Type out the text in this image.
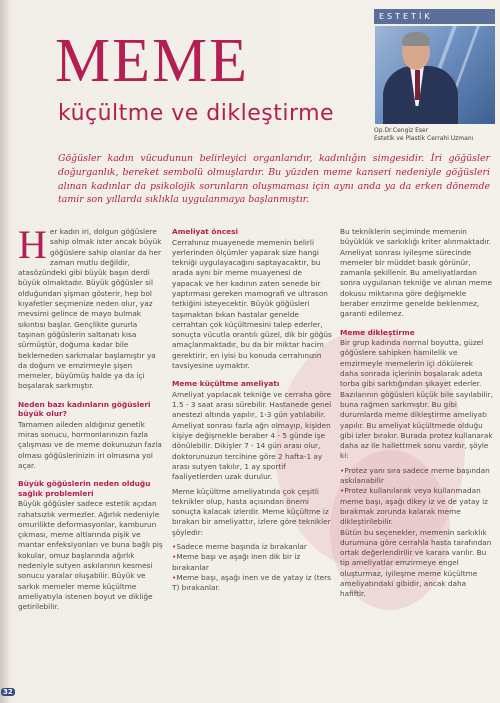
32
ESTETİK
Op.Dr.Cengiz Eser
Estetik ve Plastik Cerrahi Uzmanı
MEME
küçültme ve dikleştirme
Göğüsler kadın vücudunun belirleyici organlarıdır, kadınlığın simgesidir. İri göğüsler doğurganlık, bereket sembolü olmuşlardır. Bu yüzden meme kanseri nedeniyle göğüsleri alınan kadınlar da psikolojik sorunların oluşmaması için aynı anda ya da erken dönemde tamir son yıllarda sıklıkla uygulanmaya başlanmıştır.

Her kadın iri, dolgun göğüslere sahip olmak ister ancak büyük göğüslere sahip olanlar da her zaman mutlu değildir, atasözündeki gibi büyük başın derdi büyük olmaktadır. Büyük göğüsler sil olduğundan şişman gösterir, hep bol kıyafetler seçmenize neden olur, yaz mevsimi gelince de mayo bulmak sıkıntısı başlar. Gençlikte gururla taşınan göğüslerin saltanatı kısa sürmüştür, doğuma kadar bile beklemeden sarkmalar başlamıştır ya da doğum ve emzirmeyle şişen memeler, büyümüş halde ya da içi boşalarak sarkmıştır.

Neden bazı kadınların göğüsleri büyük olur?

Tamamen aileden aldığınız genetik miras sonucu, hormonlarınızın fazla çalışması ve de meme dokunuzun fazla olması göğüslerinizin iri olmasına yol açar.

Büyük göğüslerin neden olduğu sağlık problemleri

Büyük göğüsler sadece estetik açıdan rahatsızlık vermezler. Ağırlık nedeniyle omurilikte deformasyonlar, kamburun çıkması, meme altlarında pişik ve mantar enfeksiyonları ve buna bağlı piş kokular, omuz başlarında ağırlık nedeniyle sutyen askılarının kesmesi sonucu yaralar oluşabilir. Büyük ve sarkık memeler meme küçültme ameliyatıyla istenen boyut ve dikliğe getirilebilir.

Ameliyat öncesi

Cerrahınız muayenede memenin belirli yerlerinden ölçümler yaparak size hangi tekniği uygulayacağını saptayacaktır, bu arada aynı bir meme muayenesi de yapacak ve her kadının zaten senede bir yaptırması gereken mamografi ve ultrason tetkiğini isteyecektir. Büyük göğüsleri taşımaktan bıkan hastalar genelde cerrahtan çok küçültmesini talep ederler, sonuçta vücutla orantılı güzel, dik bir göğüs amaçlanmaktadır, bu da bir miktar hacim gerektirir, en iyisi bu konuda cerrahınızın tavsiyesine uymaktır.

Meme küçültme ameliyatı

Ameliyat yapılacak tekniğe ve cerraha göre 1.5 - 3 saat arası sürebilir. Hastanede genel anestezi altında yapılır, 1-3 gün yatılabilir. Ameliyat sonrası fazla ağrı olmayıp, kişiden kişiye değişmekle beraber 4 - 5 günde işe dönülebilir. Dikişler 7 - 14 gün arası olur, doktorunuzun tercihine göre 2 hafta-1 ay arası sutyen takılır, 1 ay sportif faaliyetlerden uzak durulur.

Meme küçültme ameliyatında çok çeşitli teknikler olup, hasta açısından önemi sonuçta kalacak izlerdir. Meme küçültme iz bırakan bir ameliyattır, izlere göre teknikler şöyledir:

• Sadece meme başında iz bırakanlar
• Meme başı ve aşağı inen dik bir iz bırakanlar
• Meme başı, aşağı inen ve de yatay iz (ters T) bırakanlar.

Bu tekniklerin seçiminde memenin büyüklük ve sarkıklığı kriter alınmaktadır. Ameliyat sonrası iyileşme sürecinde memeler bir müddet basık görünür, zamanla şekillenir. Bu ameliyatlardan sonra uygulanan tekniğe ve alınan meme dokusu miktarına göre değişmekle beraber emzirme genelde beklenmez, garanti edilemez.

Meme dikleştirme

Bir grup kadında normal boyutta, güzel göğüslere sahipken hamilelik ve emzirmeyle memelerin içi dökülerek daha sonrada içlerinin boşalarak adeta torba gibi sarktığından şikayet ederler. Bazılarının göğüsleri küçük bile sayılabilir, buna rağmen sarkmıştır. Bu gibi durumlarda meme dikleştirme ameliyatı yapılır. Bu ameliyat küçültmede olduğu gibi izler bırakır. Burada protez kullanarak daha az ile hallettmek sonu vardır, şöyle ki:

• Protez yanı sıra sadece meme başından askılanabilir
• Protez kullanılarak veya kullanmadan meme başı, aşağı dikey iz ve de yatay iz bırakmak zorunda kalarak meme dikleştirilebilir.

Bütün bu seçenekler, memenin sarkıklık durumuna göre cerrahla hasta tarafından ortak değerlendirilir ve karara varılır. Bu tip ameliyatlar emzirmeye engel oluşturmaz, iyileşme meme küçültme ameliyatındaki gibidir, ancak daha hafiftir.
